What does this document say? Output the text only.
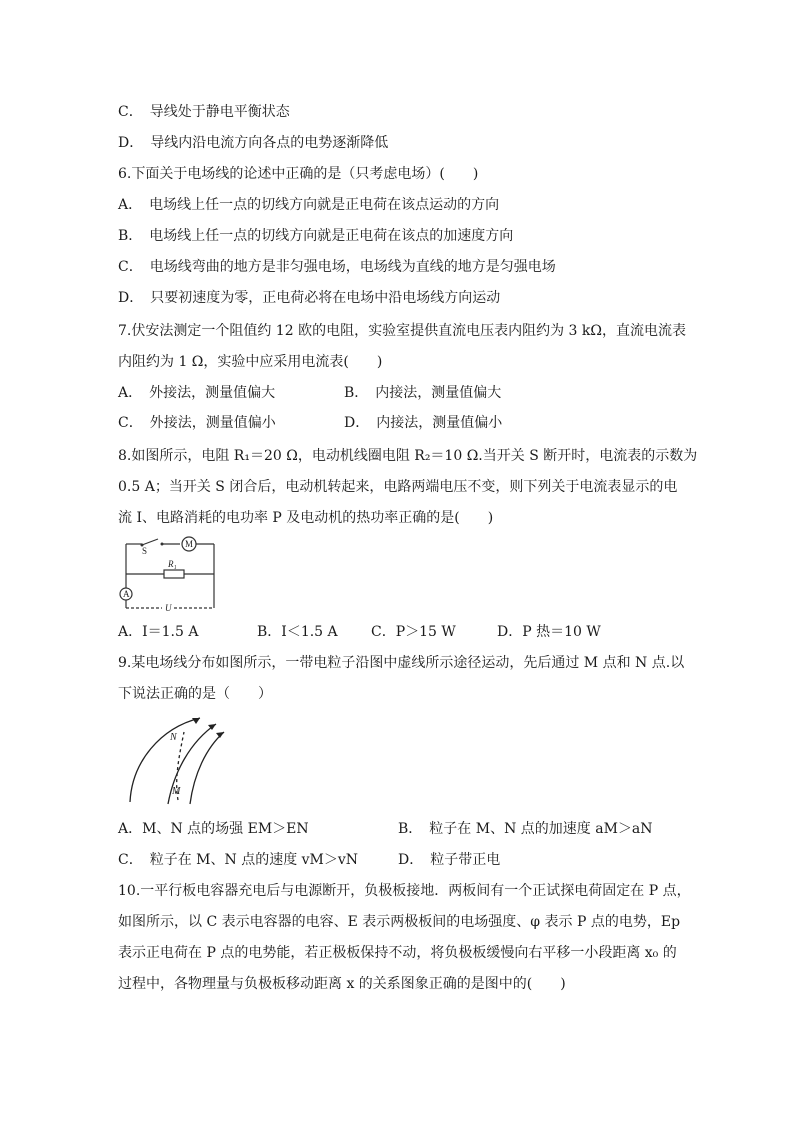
C．　导线处于静电平衡状态
D．　导线内沿电流方向各点的电势逐渐降低
6.下面关于电场线的论述中正确的是（只考虑电场）(　　)
A．　电场线上任一点的切线方向就是正电荷在该点运动的方向
B．　电场线上任一点的切线方向就是正电荷在该点的加速度方向
C．　电场线弯曲的地方是非匀强电场，电场线为直线的地方是匀强电场
D．　只要初速度为零，正电荷必将在电场中沿电场线方向运动
7.伏安法测定一个阻值约 12 欧的电阻，实验室提供直流电压表内阻约为 3 kΩ，直流电流表
内阻约为 1 Ω，实验中应采用电流表(　　)
A．　外接法，测量值偏大	B．　内接法，测量值偏大
C．　外接法，测量值偏小	D．　内接法，测量值偏小
8.如图所示，电阻 R₁＝20 Ω，电动机线圈电阻 R₂＝10 Ω.当开关 S 断开时，电流表的示数为
0.5 A；当开关 S 闭合后，电动机转起来，电路两端电压不变，则下列关于电流表显示的电
流 I、电路消耗的电功率 P 及电动机的热功率正确的是(　　)
S
M
R₁
A
U
A．I＝1.5 A	B．I＜1.5 A C．P＞15 W	D．P 热＝10 W
9.某电场线分布如图所示，一带电粒子沿图中虚线所示途径运动，先后通过 M 点和 N 点.以
下说法正确的是（　　）
N
M
A．M、N 点的场强 EM＞EN	B．　粒子在 M、N 点的加速度 aM＞aN
C．　粒子在 M、N 点的速度 vM＞vN	D．　粒子带正电
10.一平行板电容器充电后与电源断开，负极板接地．两板间有一个正试探电荷固定在 P 点，
如图所示，以 C 表示电容器的电容、E 表示两极板间的电场强度、φ 表示 P 点的电势，Ep
表示正电荷在 P 点的电势能，若正极板保持不动，将负极板缓慢向右平移一小段距离 x₀ 的
过程中，各物理量与负极板移动距离 x 的关系图象正确的是图中的(　　)
